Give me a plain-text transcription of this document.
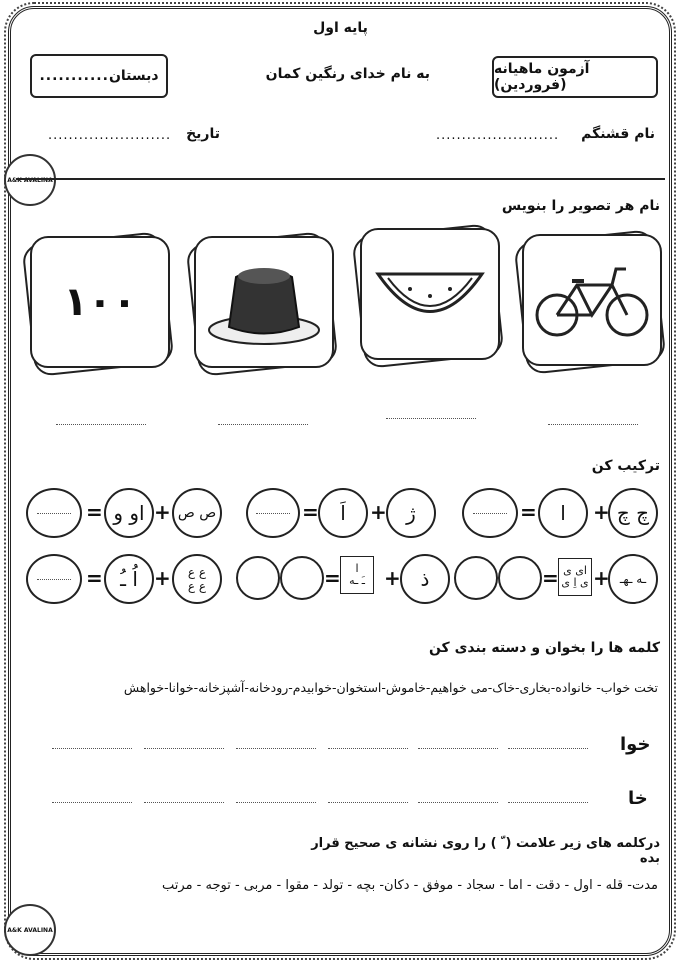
پایه اول
به نام خدای رنگین کمان	آزمون ماهیانه (فروردین)
دبستان
...........
نام قشنگم
........................
تاریخ
........................
A&K AVALINA
نام هر تصویر را بنویس
۱۰۰
ترکیب کن
چ چ
+
ا
=
ژ
+
اَ
=
ص ص
+
او و
=
ـه ـهـ
+
ای ی
ی اِ ی
=
ذ
+
ا
ـَ ـه
=
ع ع
ع ع
+
اُ ـُ
=
کلمه ها را بخوان و دسته بندی کن
تخت خواب- خانواده-بخاری-خاک-می خواهیم-خاموش-استخوان-خوابیدم-رودخانه-آشپزخانه-خوانا-خواهش
خوا
خا
درکلمه های زیر علامت ( ّ ) را روی نشانه ی صحیح قرار بده
مدت- قله - اول - دقت - اما - سجاد - موفق - دکان- بچه - تولد - مقوا - مربی - توجه - مرتب
A&K AVALINA
